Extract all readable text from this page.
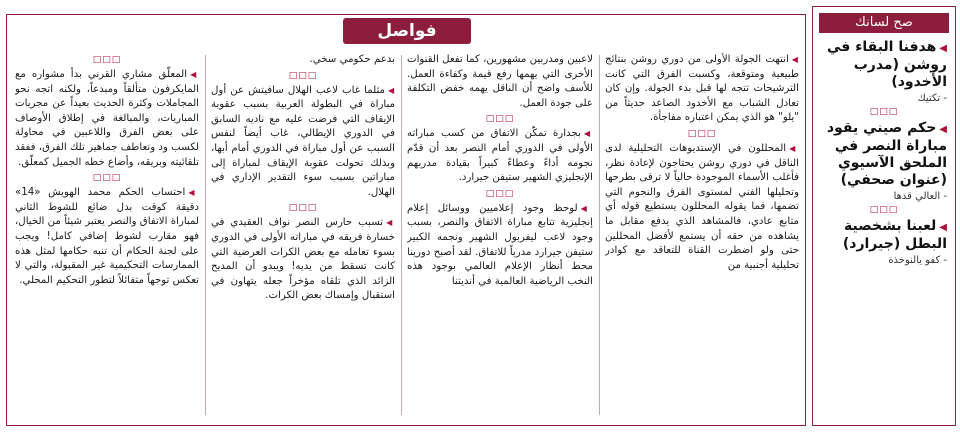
صح لسانك
◀هدفنا البقاء في روشن (مدرب الأخدود)
- تكتيك
□□□
◀حكم صيني يقود مباراة النصر في الملحق الآسيوي (عنوان صحفي)
- العالي قدها
□□□
◀لعبنا بشخصية البطل (جيرارد)
- كفو يالنوخذة
فواصل

◀انتهت الجولة الأولى من دوري روشن بنتائج طبيعية ومتوقعة، وكسبت الفرق التي كانت الترشيحات تتجه لها قبل بدء الجولة. وإن كان تعادل الشباب مع الأخدود الصاعد حديثاً من "يلو" هو الذي يمكن اعتباره مفاجأة.

□□□

◀المحللون في الإستديوهات التحليلية لدى الناقل في دوري روشن يحتاجون لإعادة نظر، فأغلب الأسماء الموجودة حالياً لا ترقى بطرحها وتحليلها الفني لمستوى الفرق والنجوم التي تضمها، فما يقوله المحللون يستطيع قوله أي متابع عادي، فالمشاهد الذي يدفع مقابل ما يشاهده من حقه أن يستمع لأفضل المحللين حتى ولو اضطرت القناة للتعاقد مع كوادر تحليلية أجنبية من

لاعبين ومدربين مشهورين، كما تفعل القنوات الأخرى التي يهمها رفع قيمة وكفاءة العمل. للأسف واضح أن الناقل يهمه خفض التكلفة على جودة العمل.

□□□

◀بجدارة تمكّن الاتفاق من كسب مباراته الأولى في الدوري أمام النصر بعد أن قدّم نجومه أداءً وعطاءً كبيراً بقيادة مدربهم الإنجليزي الشهير ستيفن جيرارد.

□□□

◀لوحظ وجود إعلاميين ووسائل إعلام إنجليزية تتابع مباراة الاتفاق والنصر، بسبب وجود لاعب ليفربول الشهير ونجمه الكبير ستيفن جيرارد مدرباً للاتفاق. لقد أصبح دورينا محط أنظار الإعلام العالمي بوجود هذه النخب الرياضية العالمية في أنديتنا

بدعم حكومي سخي.

□□□

◀مثلما غاب لاعب الهلال سافيتش عن أول مباراة في البطولة العربية بسبب عقوبة الإيقاف التي فرضت عليه مع ناديه السابق في الدوري الإيطالي، غاب أيضاً لنفس السبب عن أول مباراة في الدوري أمام أبها، وبذلك تحولت عقوبة الإيقاف لمباراة إلى مباراتين بسبب سوء التقدير الإداري في الهلال.

□□□

◀تسبب حارس النصر نواف العقيدي في خسارة فريقه في مباراته الأولى في الدوري بسوء تعامله مع بعض الكرات العرضية التي كانت تسقط من يديه! ويبدو أن المديح الزائد الذي تلقاه مؤخراً جعله يتهاون في استقبال وإمساك بعض الكرات.

□□□

◀المعلّق مشاري القرني بدأ مشواره مع المايكرفون متألقاً ومبدعاً، ولكنه اتجه نحو المجاملات وكثرة الحديث بعيداً عن مجريات المباريات، والمبالغة في إطلاق الأوصاف على بعض الفرق واللاعبين في محاولة لكسب ود وتعاطف جماهير تلك الفرق، ففقد تلقائيته وبريقه، وأضاع خطه الجميل كمعلّق.

□□□

◀احتساب الحكم محمد الهويش «14» دقيقة كوقت بدل ضائع للشوط الثاني لمباراة الاتفاق والنصر يعتبر شيئاً من الخيال، فهو مقارب لشوط إضافي كامل! ويجب على لجنة الحكام أن تنبه حكامها لمثل هذه الممارسات التحكيمية غير المقبولة، والتي لا تعكس توجهاً متفائلاً لتطور التحكيم المحلي.
